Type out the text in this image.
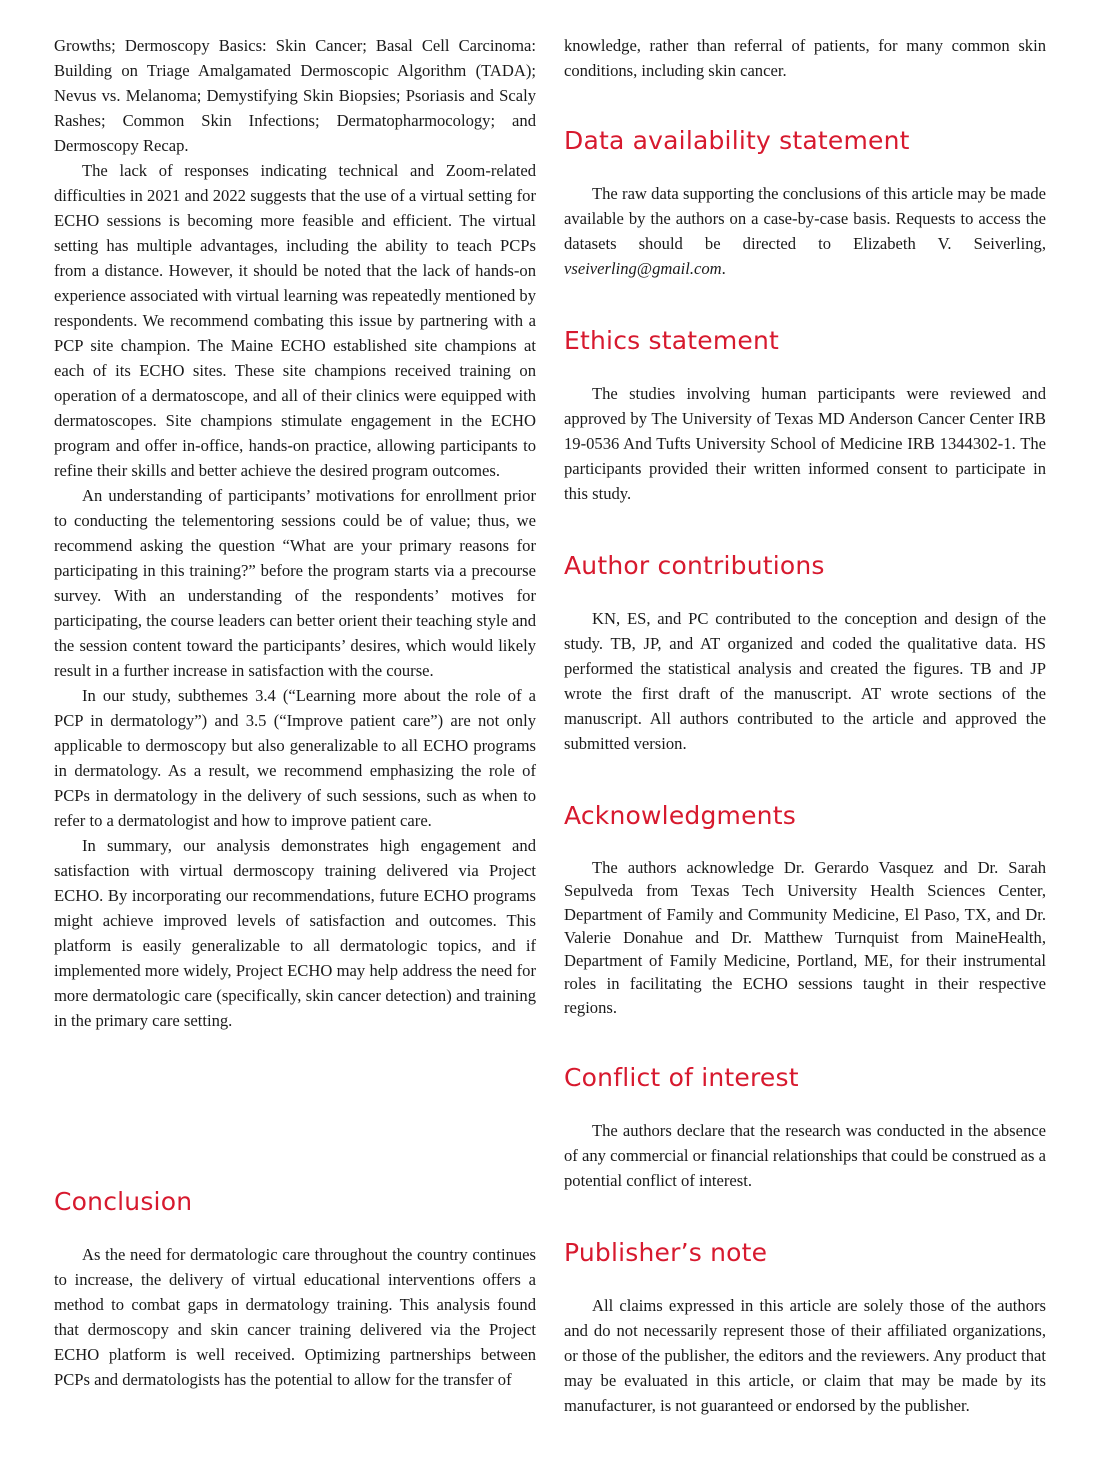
Growths; Dermoscopy Basics: Skin Cancer; Basal Cell Carcinoma: Building on Triage Amalgamated Dermoscopic Algorithm (TADA); Nevus vs. Melanoma; Demystifying Skin Biopsies; Psoriasis and Scaly Rashes; Common Skin Infections; Dermatopharmocology; and Dermoscopy Recap.

The lack of responses indicating technical and Zoom-related difficulties in 2021 and 2022 suggests that the use of a virtual setting for ECHO sessions is becoming more feasible and efficient. The virtual setting has multiple advantages, including the ability to teach PCPs from a distance. However, it should be noted that the lack of hands-on experience associated with virtual learning was repeatedly mentioned by respondents. We recommend combating this issue by partnering with a PCP site champion. The Maine ECHO established site champions at each of its ECHO sites. These site champions received training on operation of a dermatoscope, and all of their clinics were equipped with dermatoscopes. Site champions stimulate engagement in the ECHO program and offer in-office, hands-on practice, allowing participants to refine their skills and better achieve the desired program outcomes.

An understanding of participants’ motivations for enrollment prior to conducting the telementoring sessions could be of value; thus, we recommend asking the question “What are your primary reasons for participating in this training?” before the program starts via a precourse survey. With an understanding of the respondents’ motives for participating, the course leaders can better orient their teaching style and the session content toward the participants’ desires, which would likely result in a further increase in satisfaction with the course.

In our study, subthemes 3.4 (“Learning more about the role of a PCP in dermatology”) and 3.5 (“Improve patient care”) are not only applicable to dermoscopy but also generalizable to all ECHO programs in dermatology. As a result, we recommend emphasizing the role of PCPs in dermatology in the delivery of such sessions, such as when to refer to a dermatologist and how to improve patient care.

In summary, our analysis demonstrates high engagement and satisfaction with virtual dermoscopy training delivered via Project ECHO. By incorporating our recommendations, future ECHO programs might achieve improved levels of satisfaction and outcomes. This platform is easily generalizable to all dermatologic topics, and if implemented more widely, Project ECHO may help address the need for more dermatologic care (specifically, skin cancer detection) and training in the primary care setting.

Conclusion

As the need for dermatologic care throughout the country continues to increase, the delivery of virtual educational interventions offers a method to combat gaps in dermatology training. This analysis found that dermoscopy and skin cancer training delivered via the Project ECHO platform is well received. Optimizing partnerships between PCPs and dermatologists has the potential to allow for the transfer of

knowledge, rather than referral of patients, for many common skin conditions, including skin cancer.

Data availability statement

The raw data supporting the conclusions of this article may be made available by the authors on a case-by-case basis. Requests to access the datasets should be directed to Elizabeth V. Seiverling, vseiverling@gmail.com.

Ethics statement

The studies involving human participants were reviewed and approved by The University of Texas MD Anderson Cancer Center IRB 19-0536 And Tufts University School of Medicine IRB 1344302-1. The participants provided their written informed consent to participate in this study.

Author contributions

KN, ES, and PC contributed to the conception and design of the study. TB, JP, and AT organized and coded the qualitative data. HS performed the statistical analysis and created the figures. TB and JP wrote the first draft of the manuscript. AT wrote sections of the manuscript. All authors contributed to the article and approved the submitted version.

Acknowledgments

The authors acknowledge Dr. Gerardo Vasquez and Dr. Sarah Sepulveda from Texas Tech University Health Sciences Center, Department of Family and Community Medicine, El Paso, TX, and Dr. Valerie Donahue and Dr. Matthew Turnquist from MaineHealth, Department of Family Medicine, Portland, ME, for their instrumental roles in facilitating the ECHO sessions taught in their respective regions.

Conflict of interest

The authors declare that the research was conducted in the absence of any commercial or financial relationships that could be construed as a potential conflict of interest.

Publisher’s note

All claims expressed in this article are solely those of the authors and do not necessarily represent those of their affiliated organizations, or those of the publisher, the editors and the reviewers. Any product that may be evaluated in this article, or claim that may be made by its manufacturer, is not guaranteed or endorsed by the publisher.
